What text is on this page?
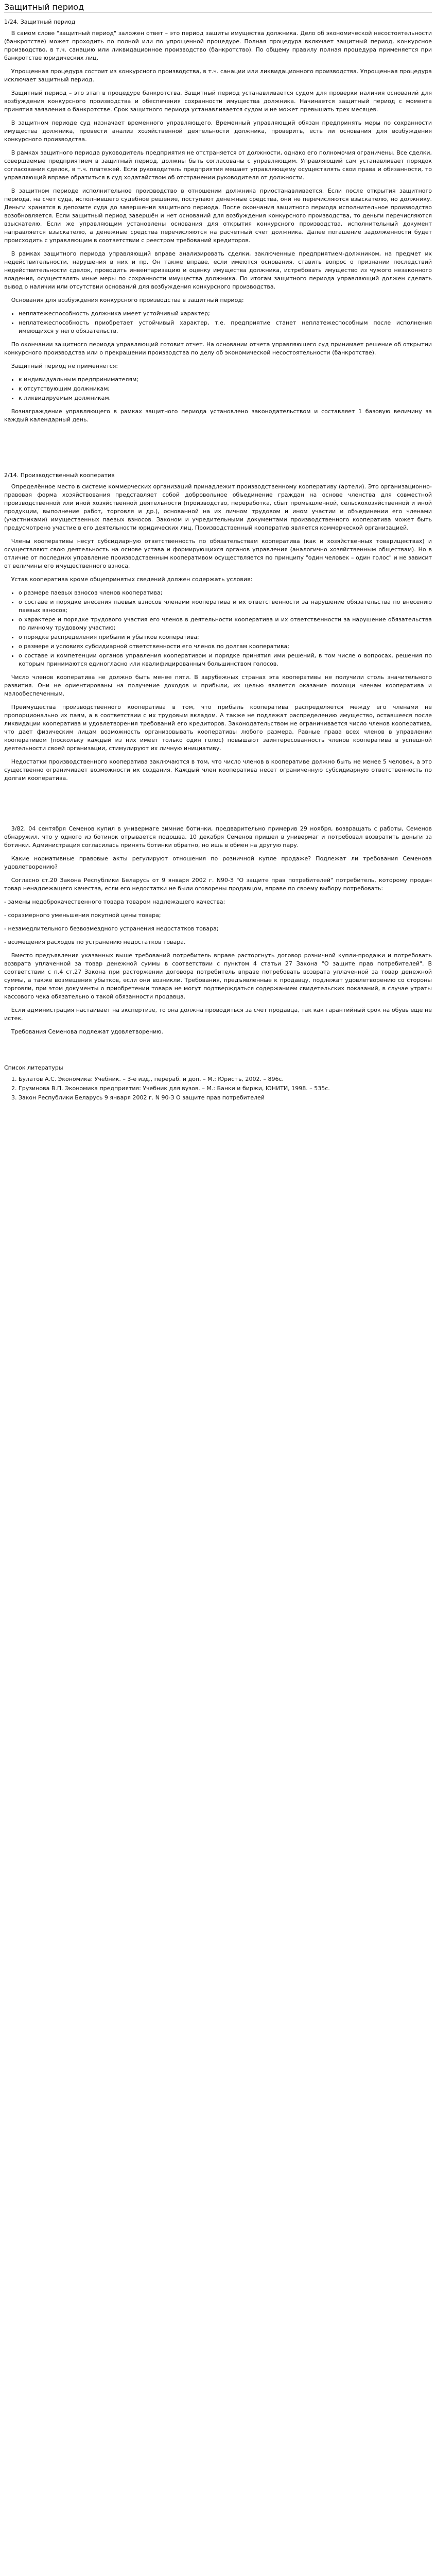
Защитный период
1/24. Защитный период

В самом слове "защитный период" заложен ответ – это период защиты имущества должника. Дело об экономической несостоятельности (банкротстве) может проходить по полной или по упрощенной процедуре. Полная процедура включает защитный период, конкурсное производство, в т.ч. санацию или ликвидационное производство (банкротство). По общему правилу полная процедура применяется при банкротстве юридических лиц.

Упрощенная процедура состоит из конкурсного производства, в т.ч. санации или ликвидационного производства. Упрощенная процедура исключает защитный период.

Защитный период – это этап в процедуре банкротства. Защитный период устанавливается судом для проверки наличия оснований для возбуждения конкурсного производства и обеспечения сохранности имущества должника. Начинается защитный период с момента принятия заявления о банкротстве. Срок защитного периода устанавливается судом и не может превышать трех месяцев.

В защитном периоде суд назначает временного управляющего. Временный управляющий обязан предпринять меры по сохранности имущества должника, провести анализ хозяйственной деятельности должника, проверить, есть ли основания для возбуждения конкурсного производства.

В рамках защитного периода руководитель предприятия не отстраняется от должности, однако его полномочия ограничены. Все сделки, совершаемые предприятием в защитный период, должны быть согласованы с управляющим. Управляющий сам устанавливает порядок согласования сделок, в т.ч. платежей. Если руководитель предприятия мешает управляющему осуществлять свои права и обязанности, то управляющий вправе обратиться в суд ходатайством об отстранении руководителя от должности.

В защитном периоде исполнительное производство в отношении должника приостанавливается. Если после открытия защитного периода, на счет суда, исполнившего судебное решение, поступают денежные средства, они не перечисляются взыскателю, но должнику. Деньги хранятся в депозите суда до завершения защитного периода. После окончания защитного периода исполнительное производство возобновляется. Если защитный период завершён и нет оснований для возбуждения конкурсного производства, то деньги перечисляются взыскателю. Если же управляющим установлены основания для открытия конкурсного производства, исполнительный документ направляется взыскателю, а денежные средства перечисляются на расчетный счет должника. Далее погашение задолженности будет происходить с управляющим в соответствии с реестром требований кредиторов.

В рамках защитного периода управляющий вправе анализировать сделки, заключенные предприятием-должником, на предмет их недействительности, нарушения в них и пр. Он также вправе, если имеются основания, ставить вопрос о признании последствий недействительности сделок, проводить инвентаризацию и оценку имущества должника, истребовать имущество из чужого незаконного владения, осуществлять иные меры по сохранности имущества должника. По итогам защитного периода управляющий должен сделать вывод о наличии или отсутствии оснований для возбуждения конкурсного производства.

Основания для возбуждения конкурсного производства в защитный период:

• неплатежеспособность должника имеет устойчивый характер;
• неплатежеспособность приобретает устойчивый характер, т.е. предприятие станет неплатежеспособным после исполнения имеющихся у него обязательств.

По окончании защитного периода управляющий готовит отчет. На основании отчета управляющего суд принимает решение об открытии конкурсного производства или о прекращении производства по делу об экономической несостоятельности (банкротстве).

Защитный период не применяется:

• к индивидуальным предпринимателям;
• к отсутствующим должникам;
• к ликвидируемым должникам.

Вознаграждение управляющего в рамках защитного периода установлено законодательством и составляет 1 базовую величину за каждый календарный день.

2/14. Производственный кооператив

Определённое место в системе коммерческих организаций принадлежит производственному кооперативу (артели). Это организационно-правовая форма хозяйствования представляет собой добровольное объединение граждан на основе членства для совместной производственной или иной хозяйственной деятельности (производство, переработка, сбыт промышленной, сельскохозяйственной и иной продукции, выполнение работ, торговля и др.), основанной на их личном трудовом и ином участии и объединении его членами (участниками) имущественных паевых взносов. Законом и учредительными документами производственного кооператива может быть предусмотрено участие в его деятельности юридических лиц. Производственный кооператив является коммерческой организацией.

Члены кооперативы несут субсидиарную ответственность по обязательствам кооператива (как и хозяйственных товариществах) и осуществляют свою деятельность на основе устава и формирующихся органов управления (аналогично хозяйственным обществам). Но в отличие от последних управление производственным кооперативом осуществляется по принципу "один человек – один голос" и не зависит от величины его имущественного взноса.

Устав кооператива кроме общепринятых сведений должен содержать условия:

• о размере паевых взносов членов кооператива;
• о составе и порядке внесения паевых взносов членами кооператива и их ответственности за нарушение обязательства по внесению паевых взносов;
• о характере и порядке трудового участия его членов в деятельности кооператива и их ответственности за нарушение обязательства по личному трудовому участию;
• о порядке распределения прибыли и убытков кооператива;
• о размере и условиях субсидиарной ответственности его членов по долгам кооператива;
• о составе и компетенции органов управления кооперативом и порядке принятия ими решений, в том числе о вопросах, решения по которым принимаются единогласно или квалифицированным большинством голосов.

Число членов кооператива не должно быть менее пяти. В зарубежных странах эта кооперативы не получили столь значительного развития. Они не ориентированы на получение доходов и прибыли, их целью является оказание помощи членам кооператива и малообеспеченным.

Преимущества производственного кооператива в том, что прибыль кооператива распределяется между его членами не пропорционально их паям, а в соответствии с их трудовым вкладом. А также не подлежат распределению имущество, оставшееся после ликвидации кооператива и удовлетворения требований его кредиторов. Законодательством не ограничивается число членов кооператива, что дает физическим лицам возможность организовывать кооперативы любого размера. Равные права всех членов в управлении кооперативом (поскольку каждый из них имеет только один голос) повышают заинтересованность членов кооператива в успешной деятельности своей организации, стимулируют их личную инициативу.

Недостатки производственного кооператива заключаются в том, что число членов в кооперативе должно быть не менее 5 человек, а это существенно ограничивает возможности их создания. Каждый член кооператива несет ограниченную субсидиарную ответственность по долгам кооператива.

3/82. 04 сентября Семенов купил в универмаге зимние ботинки, предварительно примерив 29 ноября, возвращать с работы, Семенов обнаружил, что у одного из ботинок отрывается подошва. 10 декабря Семенов пришел в универмаг и потребовал возвратить деньги за ботинки. Администрация согласилась принять ботинки обратно, но ишь в обмен на другую пару.

Какие нормативные правовые акты регулируют отношения по розничной купле продаже? Подлежат ли требования Семенова удовлетворению?

Согласно ст.20 Закона Республики Беларусь от 9 января 2002 г. N90-З "О защите прав потребителей" потребитель, которому продан товар ненадлежащего качества, если его недостатки не были оговорены продавцом, вправе по своему выбору потребовать:

- замены недоброкачественного товара товаром надлежащего качества;

- соразмерного уменьшения покупной цены товара;

- незамедлительного безвозмездного устранения недостатков товара;

- возмещения расходов по устранению недостатков товара.

Вместо предъявления указанных выше требований потребитель вправе расторгнуть договор розничной купли-продажи и потребовать возврата уплаченной за товар денежной суммы в соответствии с пунктом 4 статьи 27 Закона "О защите прав потребителей". В соответствии с п.4 ст.27 Закона при расторжении договора потребитель вправе потребовать возврата уплаченной за товар денежной суммы, а также возмещения убытков, если они возникли. Требования, предъявленные к продавцу, подлежат удовлетворению со стороны торговли, при этом документы о приобретении товара не могут подтверждаться содержанием свидетельских показаний, в случае утраты кассового чека обязательно о такой обязанности продавца.

Если администрация настаивает на экспертизе, то она должна проводиться за счет продавца, так как гарантийный срок на обувь еще не истек.

Требования Семенова подлежат удовлетворению.

Список литературы
1. Булатов А.С. Экономика: Учебник. – 3-е изд., перераб. и доп. – М.: Юристъ, 2002. – 896с.
2. Грузинова В.П. Экономика предприятия: Учебник для вузов. – М.: Банки и биржи, ЮНИТИ, 1998. – 535с.
3. Закон Республики Беларусь 9 января 2002 г. N 90-З О защите прав потребителей
